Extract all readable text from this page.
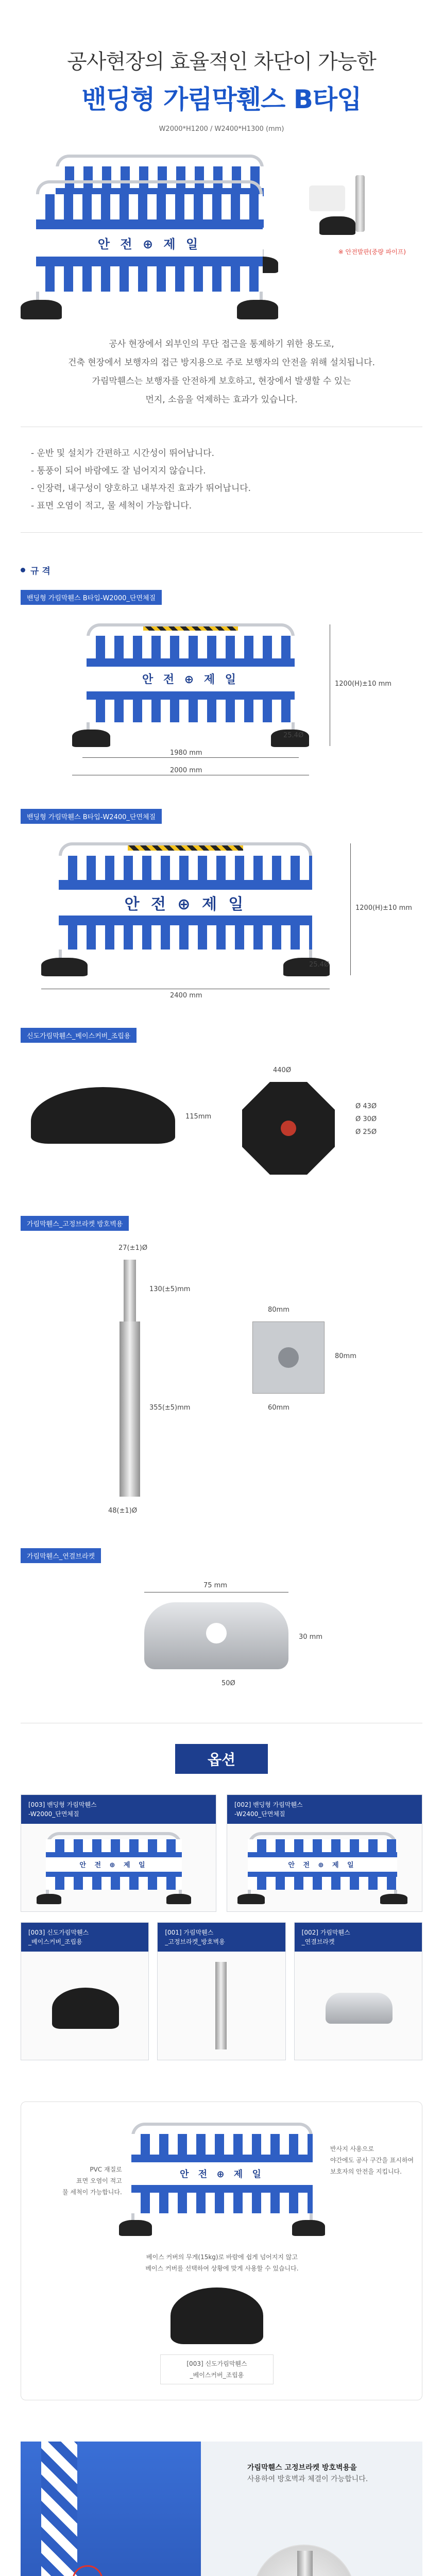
공사현장의 효율적인 차단이 가능한
밴딩형 가림막휀스 B타입
W2000*H1200 / W2400*H1300 (mm)
안 전 ⊕ 제 일
※ 안전발판(중량 파이프)

공사 현장에서 외부인의 무단 접근을 통제하기 위한 용도로,

건축 현장에서 보행자의 접근 방지용으로 주로 보행자의 안전을 위해 설치됩니다.

가림막휀스는 보행자를 안전하게 보호하고, 현장에서 발생할 수 있는

먼지, 소음을 억제하는 효과가 있습니다.

- 운반 및 설치가 간편하고 시간성이 뛰어납니다.
- 통풍이 되어 바람에도 잘 넘어지지 않습니다.
- 인장력, 내구성이 양호하고 내부자진 효과가 뛰어납니다.
- 표면 오염이 적고, 물 세척이 가능합니다.
규 격
밴딩형 가림막휀스 B타입-W2000_단면체질
안 전 ⊕ 제 일	1200(H)±10 mm
25.4Ø
1980 mm
2000 mm
밴딩형 가림막휀스 B타입-W2400_단면체질
안 전 ⊕ 제 일	1200(H)±10 mm
25.4Ø
2400 mm
신도가림막휀스_베이스커버_조립용
115mm
440Ø
Ø 43Ø
Ø 30Ø
Ø 25Ø
가림막휀스_고정브라켓 방호벽용
27(±1)Ø
130(±5)mm
355(±5)mm
48(±1)Ø
80mm
80mm
60mm
가림막휀스_연결브라켓
75 mm
30 mm
50Ø
옵션
[003] 밴딩형 가림막휀스
-W2000_단면체질
안 전 ⊕ 제 일
[002] 밴딩형 가림막휀스
-W2400_단면체질
안 전 ⊕ 제 일
[003] 신도가림막휀스
_베이스커버_조립용
[001] 가림막휀스
_고정브라켓_방호벽용
[002] 가림막휀스
_연결브라켓
안 전 ⊕ 제 일
PVC 재질로
표면 오염이 적고
물 세척이 가능합니다.
반사지 사용으로
야간에도 공사 구간을 표시하여
보호자의 안전을 지킵니다.
베이스 커버의 무게(15kg)로 바람에 쉽게 넘어지지 않고
베이스 커버를 선택하여 상황에 맞게 사용할 수 있습니다.
[003] 신도가림막휀스
_베이스커버_조립용
가림막휀스 고정브라켓 방호벽용을
사용하여 방호벽과 체결이 가능합니다.
